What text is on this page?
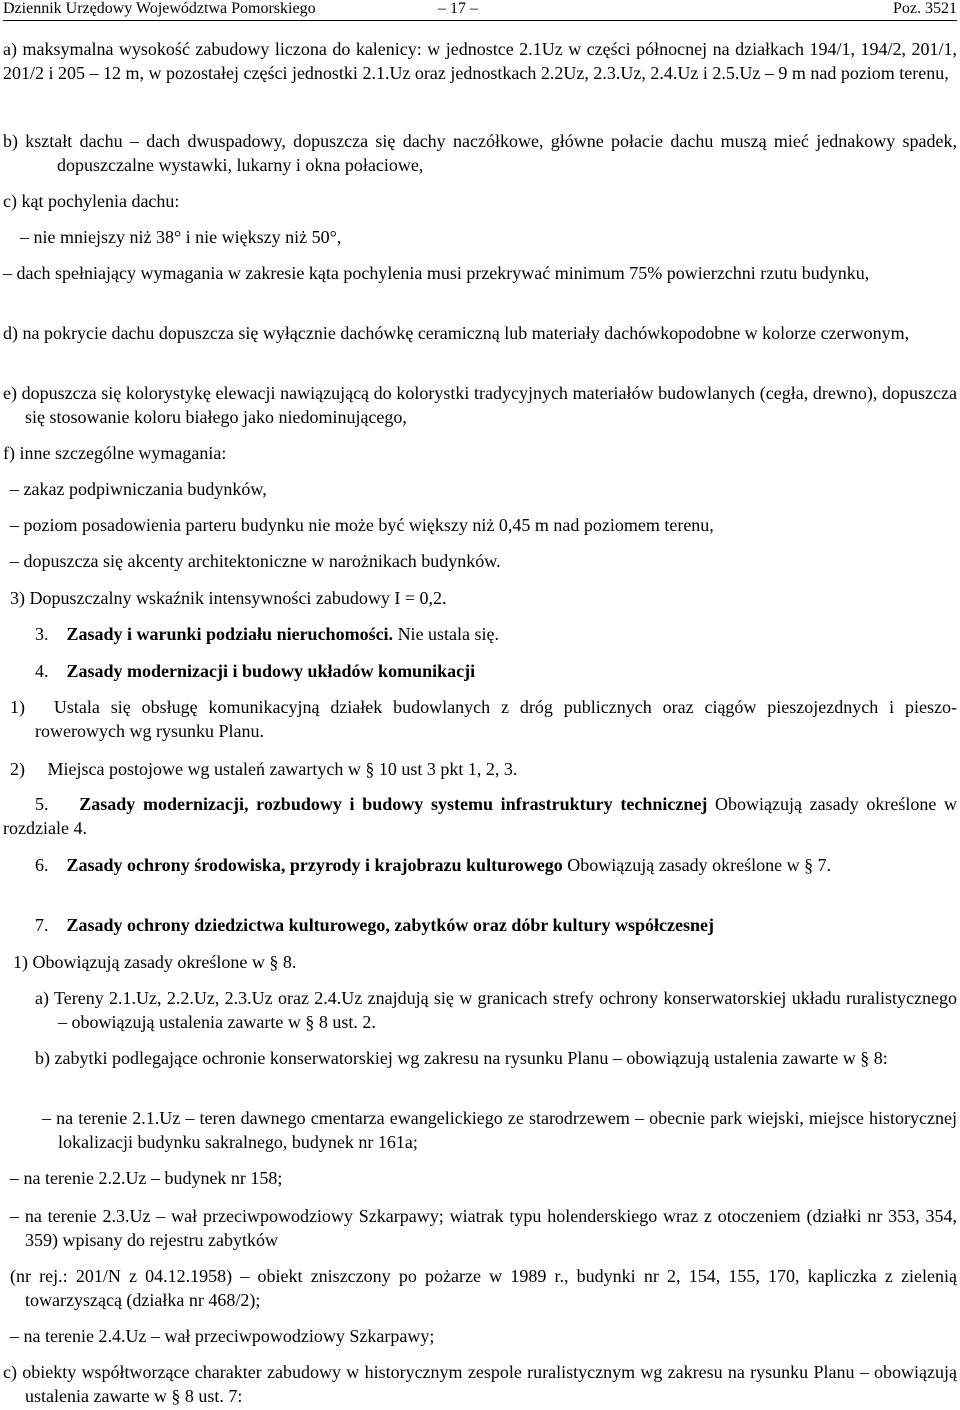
Dziennik Urzędowy Województwa Pomorskiego	– 17 –	Poz. 3521
a) maksymalna wysokość zabudowy liczona do kalenicy: w jednostce 2.1Uz w części północnej na działkach 194/1, 194/2, 201/1, 201/2 i 205 – 12 m, w pozostałej części jednostki 2.1.Uz oraz jednostkach 2.2Uz, 2.3.Uz, 2.4.Uz i 2.5.Uz – 9 m nad poziom terenu,
b) kształt dachu – dach dwuspadowy, dopuszcza się dachy naczółkowe, główne połacie dachu muszą mieć jednakowy spadek, dopuszczalne wystawki, lukarny i okna połaciowe,
c) kąt pochylenia dachu:
– nie mniejszy niż 38° i nie większy niż 50°,
– dach spełniający wymagania w zakresie kąta pochylenia musi przekrywać minimum 75% powierzchni rzutu budynku,
d) na pokrycie dachu dopuszcza się wyłącznie dachówkę ceramiczną lub materiały dachówkopodobne w kolorze czerwonym,
e) dopuszcza się kolorystykę elewacji nawiązującą do kolorystki tradycyjnych materiałów budowlanych (cegła, drewno), dopuszcza się stosowanie koloru białego jako niedominującego,
f) inne szczególne wymagania:
– zakaz podpiwniczania budynków,
– poziom posadowienia parteru budynku nie może być większy niż 0,45 m nad poziomem terenu,
– dopuszcza się akcenty architektoniczne w narożnikach budynków.
3) Dopuszczalny wskaźnik intensywności zabudowy I = 0,2.
3. Zasady i warunki podziału nieruchomości. Nie ustala się.
4. Zasady modernizacji i budowy układów komunikacji
1)  Ustala się obsługę komunikacyjną działek budowlanych z dróg publicznych oraz ciągów pieszojezdnych i pieszo-rowerowych wg rysunku Planu.
2)  Miejsca postojowe wg ustaleń zawartych w § 10 ust 3 pkt 1, 2, 3.
5. Zasady modernizacji, rozbudowy i budowy systemu infrastruktury technicznej Obowiązują zasady określone w rozdziale 4.
6. Zasady ochrony środowiska, przyrody i krajobrazu kulturowego Obowiązują zasady określone w § 7.
7. Zasady ochrony dziedzictwa kulturowego, zabytków oraz dóbr kultury współczesnej
1) Obowiązują zasady określone w § 8.
a) Tereny 2.1.Uz, 2.2.Uz, 2.3.Uz oraz 2.4.Uz znajdują się w granicach strefy ochrony konserwatorskiej układu ruralistycznego – obowiązują ustalenia zawarte w § 8 ust. 2.
b) zabytki podlegające ochronie konserwatorskiej wg zakresu na rysunku Planu – obowiązują ustalenia zawarte w § 8:
– na terenie 2.1.Uz – teren dawnego cmentarza ewangelickiego ze starodrzewem – obecnie park wiejski, miejsce historycznej lokalizacji budynku sakralnego, budynek nr 161a;
– na terenie 2.2.Uz – budynek nr 158;
– na terenie 2.3.Uz – wał przeciwpowodziowy Szkarpawy; wiatrak typu holenderskiego wraz z otoczeniem (działki nr 353, 354, 359) wpisany do rejestru zabytków
(nr rej.: 201/N z 04.12.1958) – obiekt zniszczony po pożarze w 1989 r., budynki nr 2, 154, 155, 170, kapliczka z zielenią towarzyszącą (działka nr 468/2);
– na terenie 2.4.Uz – wał przeciwpowodziowy Szkarpawy;
c) obiekty współtworzące charakter zabudowy w historycznym zespole ruralistycznym wg zakresu na rysunku Planu – obowiązują ustalenia zawarte w § 8 ust. 7:
